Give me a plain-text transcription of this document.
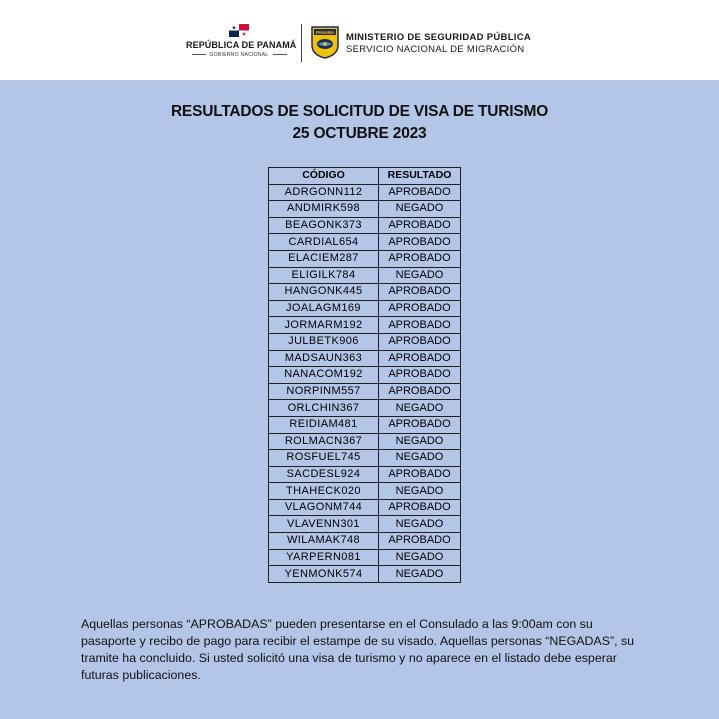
REPÚBLICA DE PANAMÁ
GOBIERNO NACIONAL
PANAMA MINISTERIO DE SEGURIDAD PÚBLICA
SERVICIO NACIONAL DE MIGRACIÓN
RESULTADOS DE SOLICITUD DE VISA DE TURISMO
25 OCTUBRE 2023
CÓDIGO	RESULTADO
ADRGONN112	APROBADO
ANDMIRK598	NEGADO
BEAGONK373	APROBADO
CARDIAL654	APROBADO
ELACIEM287	APROBADO
ELIGILK784	NEGADO
HANGONK445	APROBADO
JOALAGM169	APROBADO
JORMARM192	APROBADO
JULBETK906	APROBADO
MADSAUN363	APROBADO
NANACOM192	APROBADO
NORPINM557	APROBADO
ORLCHIN367	NEGADO
REIDIAM481	APROBADO
ROLMACN367	NEGADO
ROSFUEL745	NEGADO
SACDESL924	APROBADO
THAHECK020	NEGADO
VLAGONM744	APROBADO
VLAVENN301	NEGADO
WILAMAK748	APROBADO
YARPERN081	NEGADO
YENMONK574	NEGADO

Aquellas personas “APROBADAS” pueden presentarse en el Consulado a las 9:00am con su pasaporte y recibo de pago para recibir el estampe de su visado. Aquellas personas “NEGADAS”, su tramite ha concluido. Si usted solicitó una visa de turismo y no aparece en el listado debe esperar futuras publicaciones.
